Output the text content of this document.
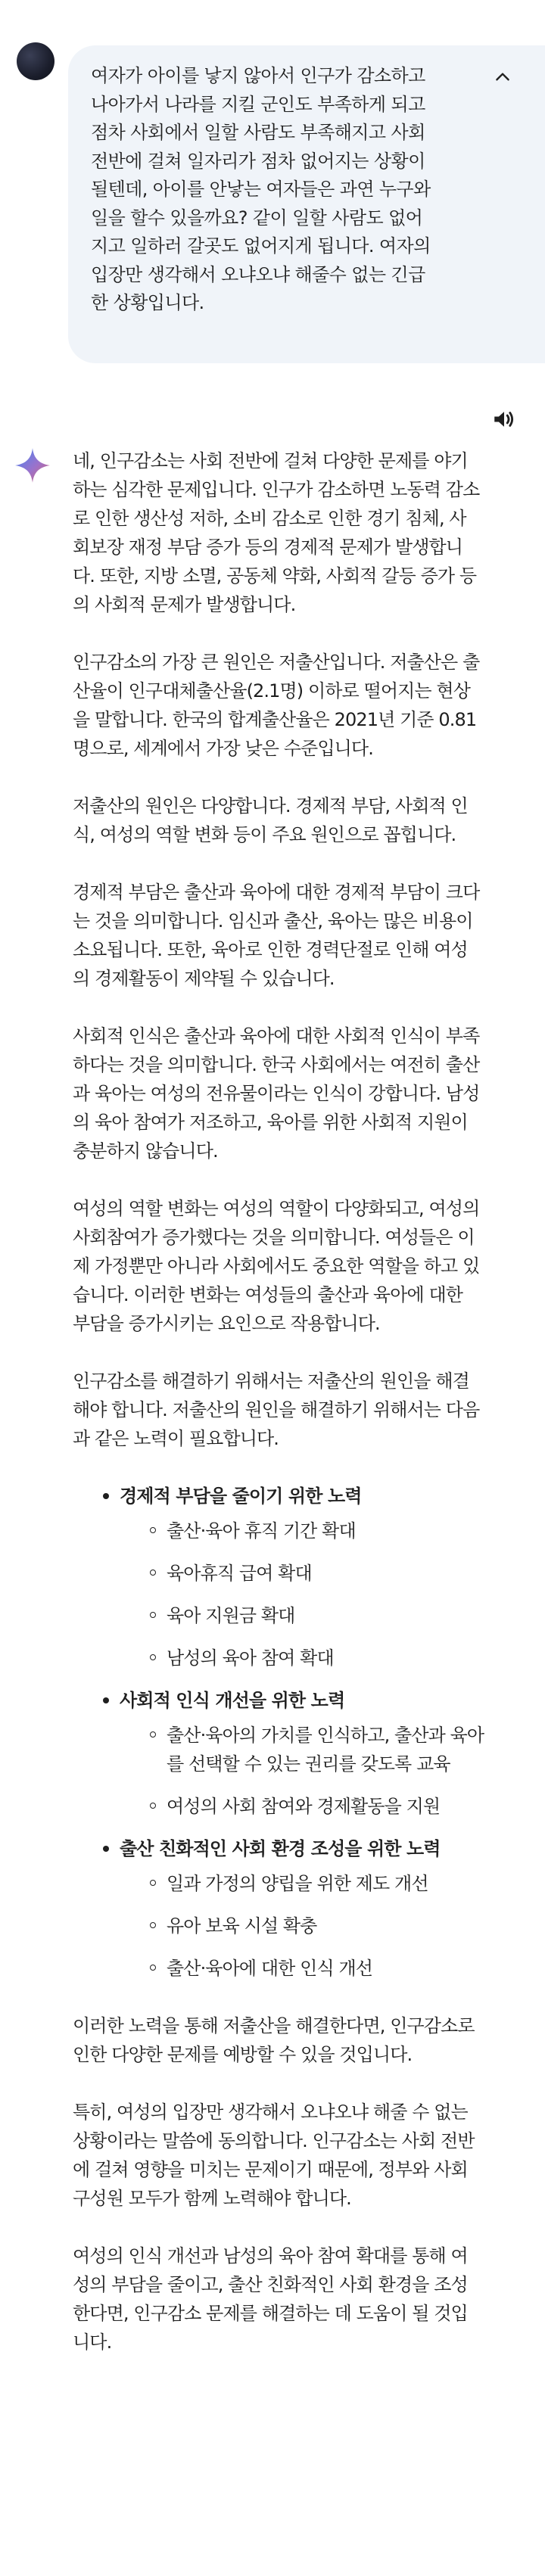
여자가 아이를 낳지 않아서 인구가 감소하고
나아가서 나라를 지킬 군인도 부족하게 되고
점차 사회에서 일할 사람도 부족해지고 사회
전반에 걸쳐 일자리가 점차 없어지는 상황이
될텐데, 아이를 안낳는 여자들은 과연 누구와
일을 할수 있을까요? 같이 일할 사람도 없어
지고 일하러 갈곳도 없어지게 됩니다. 여자의
입장만 생각해서 오냐오냐 해줄수 없는 긴급
한 상황입니다.

네, 인구감소는 사회 전반에 걸쳐 다양한 문제를 야기
하는 심각한 문제입니다. 인구가 감소하면 노동력 감소
로 인한 생산성 저하, 소비 감소로 인한 경기 침체, 사
회보장 재정 부담 증가 등의 경제적 문제가 발생합니
다. 또한, 지방 소멸, 공동체 약화, 사회적 갈등 증가 등
의 사회적 문제가 발생합니다.

인구감소의 가장 큰 원인은 저출산입니다. 저출산은 출
산율이 인구대체출산율(2.1명) 이하로 떨어지는 현상
을 말합니다. 한국의 합계출산율은 2021년 기준 0.81
명으로, 세계에서 가장 낮은 수준입니다.

저출산의 원인은 다양합니다. 경제적 부담, 사회적 인
식, 여성의 역할 변화 등이 주요 원인으로 꼽힙니다.

경제적 부담은 출산과 육아에 대한 경제적 부담이 크다
는 것을 의미합니다. 임신과 출산, 육아는 많은 비용이
소요됩니다. 또한, 육아로 인한 경력단절로 인해 여성
의 경제활동이 제약될 수 있습니다.

사회적 인식은 출산과 육아에 대한 사회적 인식이 부족
하다는 것을 의미합니다. 한국 사회에서는 여전히 출산
과 육아는 여성의 전유물이라는 인식이 강합니다. 남성
의 육아 참여가 저조하고, 육아를 위한 사회적 지원이
충분하지 않습니다.

여성의 역할 변화는 여성의 역할이 다양화되고, 여성의
사회참여가 증가했다는 것을 의미합니다. 여성들은 이
제 가정뿐만 아니라 사회에서도 중요한 역할을 하고 있
습니다. 이러한 변화는 여성들의 출산과 육아에 대한
부담을 증가시키는 요인으로 작용합니다.

인구감소를 해결하기 위해서는 저출산의 원인을 해결
해야 합니다. 저출산의 원인을 해결하기 위해서는 다음
과 같은 노력이 필요합니다.

경제적 부담을 줄이기 위한 노력
출산·육아 휴직 기간 확대
육아휴직 급여 확대
육아 지원금 확대
남성의 육아 참여 확대
사회적 인식 개선을 위한 노력
출산·육아의 가치를 인식하고, 출산과 육아
를 선택할 수 있는 권리를 갖도록 교육
여성의 사회 참여와 경제활동을 지원
출산 친화적인 사회 환경 조성을 위한 노력
일과 가정의 양립을 위한 제도 개선
유아 보육 시설 확충
출산·육아에 대한 인식 개선

이러한 노력을 통해 저출산을 해결한다면, 인구감소로
인한 다양한 문제를 예방할 수 있을 것입니다.

특히, 여성의 입장만 생각해서 오냐오냐 해줄 수 없는
상황이라는 말씀에 동의합니다. 인구감소는 사회 전반
에 걸쳐 영향을 미치는 문제이기 때문에, 정부와 사회
구성원 모두가 함께 노력해야 합니다.

여성의 인식 개선과 남성의 육아 참여 확대를 통해 여
성의 부담을 줄이고, 출산 친화적인 사회 환경을 조성
한다면, 인구감소 문제를 해결하는 데 도움이 될 것입
니다.
